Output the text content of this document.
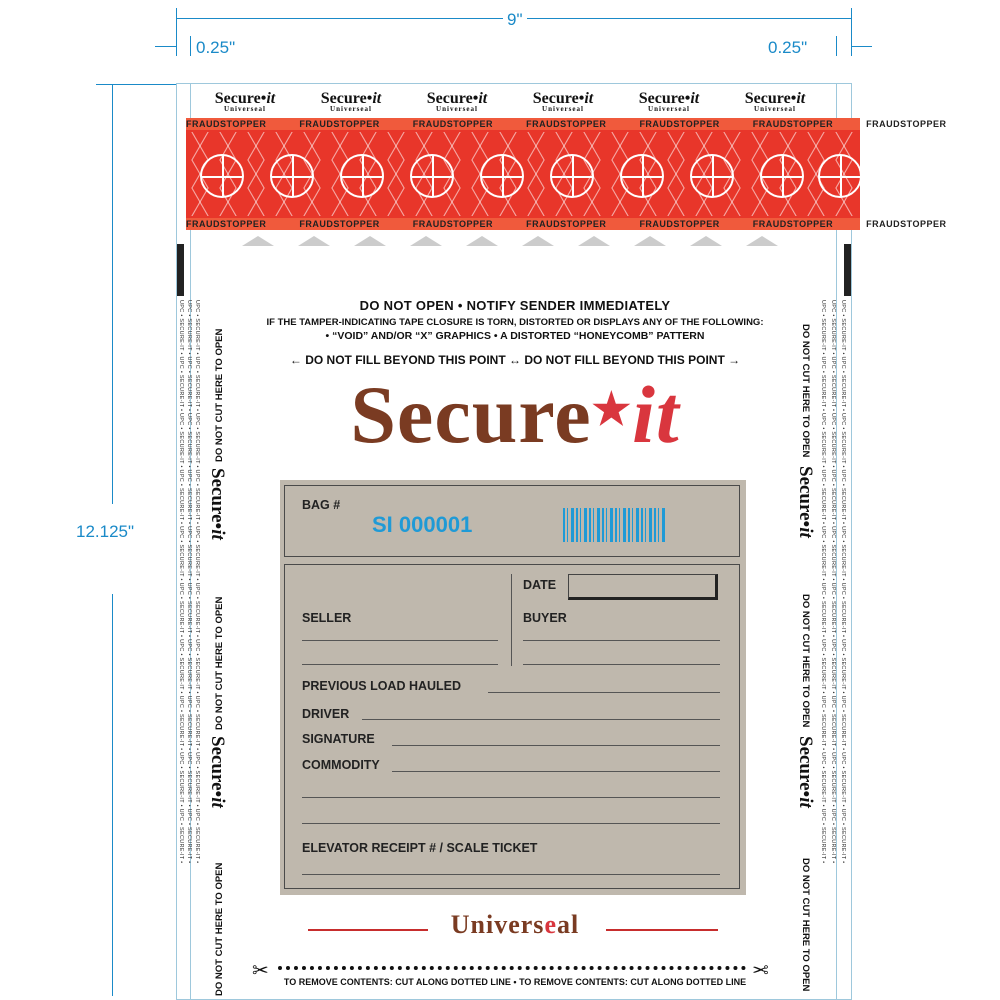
9"
0.25"	0.25"
12.125"
Secure•it
Universeal
Secure•it
Universeal
Secure•it
Universeal
Secure•it
Universeal
Secure•it
Universeal
Secure•it
Universeal
FRAUDSTOPPER	FRAUDSTOPPER	FRAUDSTOPPER	FRAUDSTOPPER	FRAUDSTOPPER	FRAUDSTOPPER	FRAUDSTOPPER
FRAUDSTOPPER	FRAUDSTOPPER	FRAUDSTOPPER	FRAUDSTOPPER	FRAUDSTOPPER	FRAUDSTOPPER	FRAUDSTOPPER
UPC • SECURE-IT • UPC • SECURE-IT • UPC • SECURE-IT • UPC • SECURE-IT • UPC • SECURE-IT • UPC • SECURE-IT • UPC • SECURE-IT • UPC • SECURE-IT • UPC • SECURE-IT • UPC • SECURE-IT • UPC • SECURE-IT • UPC • SECURE-IT • UPC • SECURE-IT • UPC • SECURE-IT • UPC • SECURE-IT • UPC • SECURE-IT • UPC • SECURE-IT • UPC • SECURE-IT • UPC • SECURE-IT • UPC • SECURE-IT • UPC • SECURE-IT • UPC • SECURE-IT • UPC • SECURE-IT • UPC • SECURE-IT • UPC • SECURE-IT • UPC • SECURE-IT • UPC • SECURE-IT • UPC • SECURE-IT • UPC • SECURE-IT • UPC • SECURE-IT •	UPC • SECURE-IT • UPC • SECURE-IT • UPC • SECURE-IT • UPC • SECURE-IT • UPC • SECURE-IT • UPC • SECURE-IT • UPC • SECURE-IT • UPC • SECURE-IT • UPC • SECURE-IT • UPC • SECURE-IT • UPC • SECURE-IT • UPC • SECURE-IT • UPC • SECURE-IT • UPC • SECURE-IT • UPC • SECURE-IT • UPC • SECURE-IT • UPC • SECURE-IT • UPC • SECURE-IT • UPC • SECURE-IT • UPC • SECURE-IT • UPC • SECURE-IT • UPC • SECURE-IT • UPC • SECURE-IT • UPC • SECURE-IT • UPC • SECURE-IT • UPC • SECURE-IT • UPC • SECURE-IT • UPC • SECURE-IT • UPC • SECURE-IT • UPC • SECURE-IT •
DO NOT CUT HERE TO OPEN
Secure•it
DO NOT CUT HERE TO OPEN
Secure•it
DO NOT CUT HERE TO OPEN
DO NOT CUT HERE TO OPEN
Secure•it
DO NOT CUT HERE TO OPEN
Secure•it
DO NOT CUT HERE TO OPEN
DO NOT OPEN • NOTIFY SENDER IMMEDIATELY
IF THE TAMPER-INDICATING TAPE CLOSURE IS TORN, DISTORTED OR DISPLAYS ANY OF THE FOLLOWING:
• “VOID” AND/OR “X” GRAPHICS • A DISTORTED “HONEYCOMB” PATTERN
← DO NOT FILL BEYOND THIS POINT ↔ DO NOT FILL BEYOND THIS POINT →
Secure★it
BAG #
SI 000001
DATE
SELLER	BUYER
PREVIOUS LOAD HAULED
DRIVER
SIGNATURE
COMMODITY
ELEVATOR RECEIPT # / SCALE TICKET
Universeal
✂	✂
TO REMOVE CONTENTS: CUT ALONG DOTTED LINE • TO REMOVE CONTENTS: CUT ALONG DOTTED LINE
